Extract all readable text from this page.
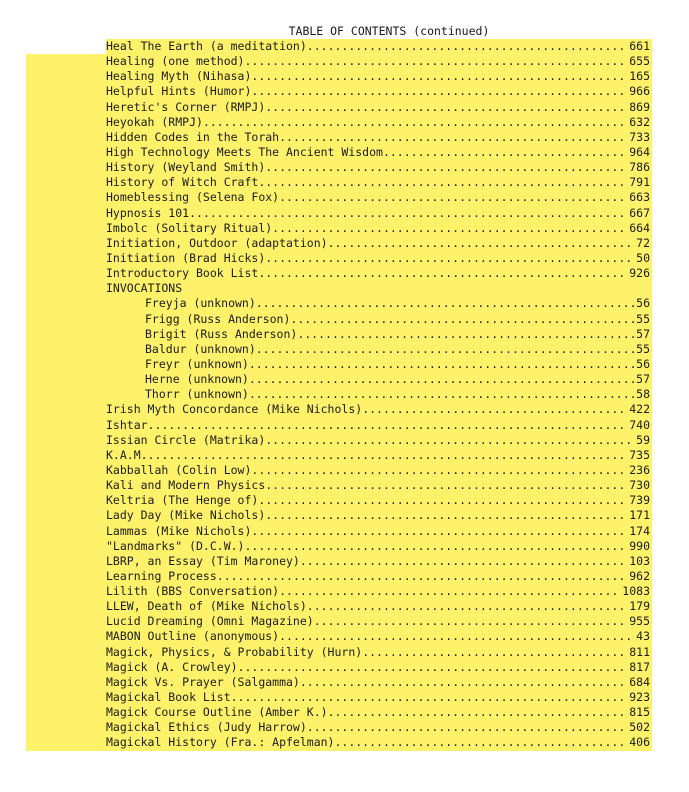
TABLE OF CONTENTS (continued)
Heal The Earth (a meditation) .....	661
Healing (one method) .....	655
Healing Myth (Nihasa) .....	165
Helpful Hints (Humor) .....	966
Heretic's Corner (RMPJ) .....	869
Heyokah (RMPJ) .....	632
Hidden Codes in the Torah .....	733
High Technology Meets The Ancient Wisdom .....	964
History (Weyland Smith) .....	786
History of Witch Craft .....	791
Homeblessing (Selena Fox) .....	663
Hypnosis 101 .....	667
Imbolc (Solitary Ritual) .....	664
Initiation, Outdoor (adaptation) .....	72
Initiation (Brad Hicks) .....	50
Introductory Book List .....	926
INVOCATIONS
Freyja (unknown) .....	56
Frigg (Russ Anderson) .....	55
Brigit (Russ Anderson) .....	57
Baldur (unknown) .....	55
Freyr (unknown) .....	56
Herne (unknown) .....	57
Thorr (unknown) .....	58
Irish Myth Concordance (Mike Nichols) .....	422
Ishtar .....	740
Issian Circle (Matrika) .....	59
K.A.M. .....	735
Kabballah (Colin Low) .....	236
Kali and Modern Physics .....	730
Keltria (The Henge of) .....	739
Lady Day (Mike Nichols) .....	171
Lammas (Mike Nichols) .....	174
"Landmarks" (D.C.W.) .....	990
LBRP, an Essay (Tim Maroney) .....	103
Learning Process .....	962
Lilith (BBS Conversation) .....	1083
LLEW, Death of (Mike Nichols) .....	179
Lucid Dreaming (Omni Magazine) .....	955
MABON Outline (anonymous) .....	43
Magick, Physics, & Probability (Hurn) .....	811
Magick (A. Crowley) .....	817
Magick Vs. Prayer (Salgamma) .....	684
Magickal Book List .....	923
Magick Course Outline (Amber K.) .....	815
Magickal Ethics (Judy Harrow) .....	502
Magickal History (Fra.: Apfelman) .....	406
